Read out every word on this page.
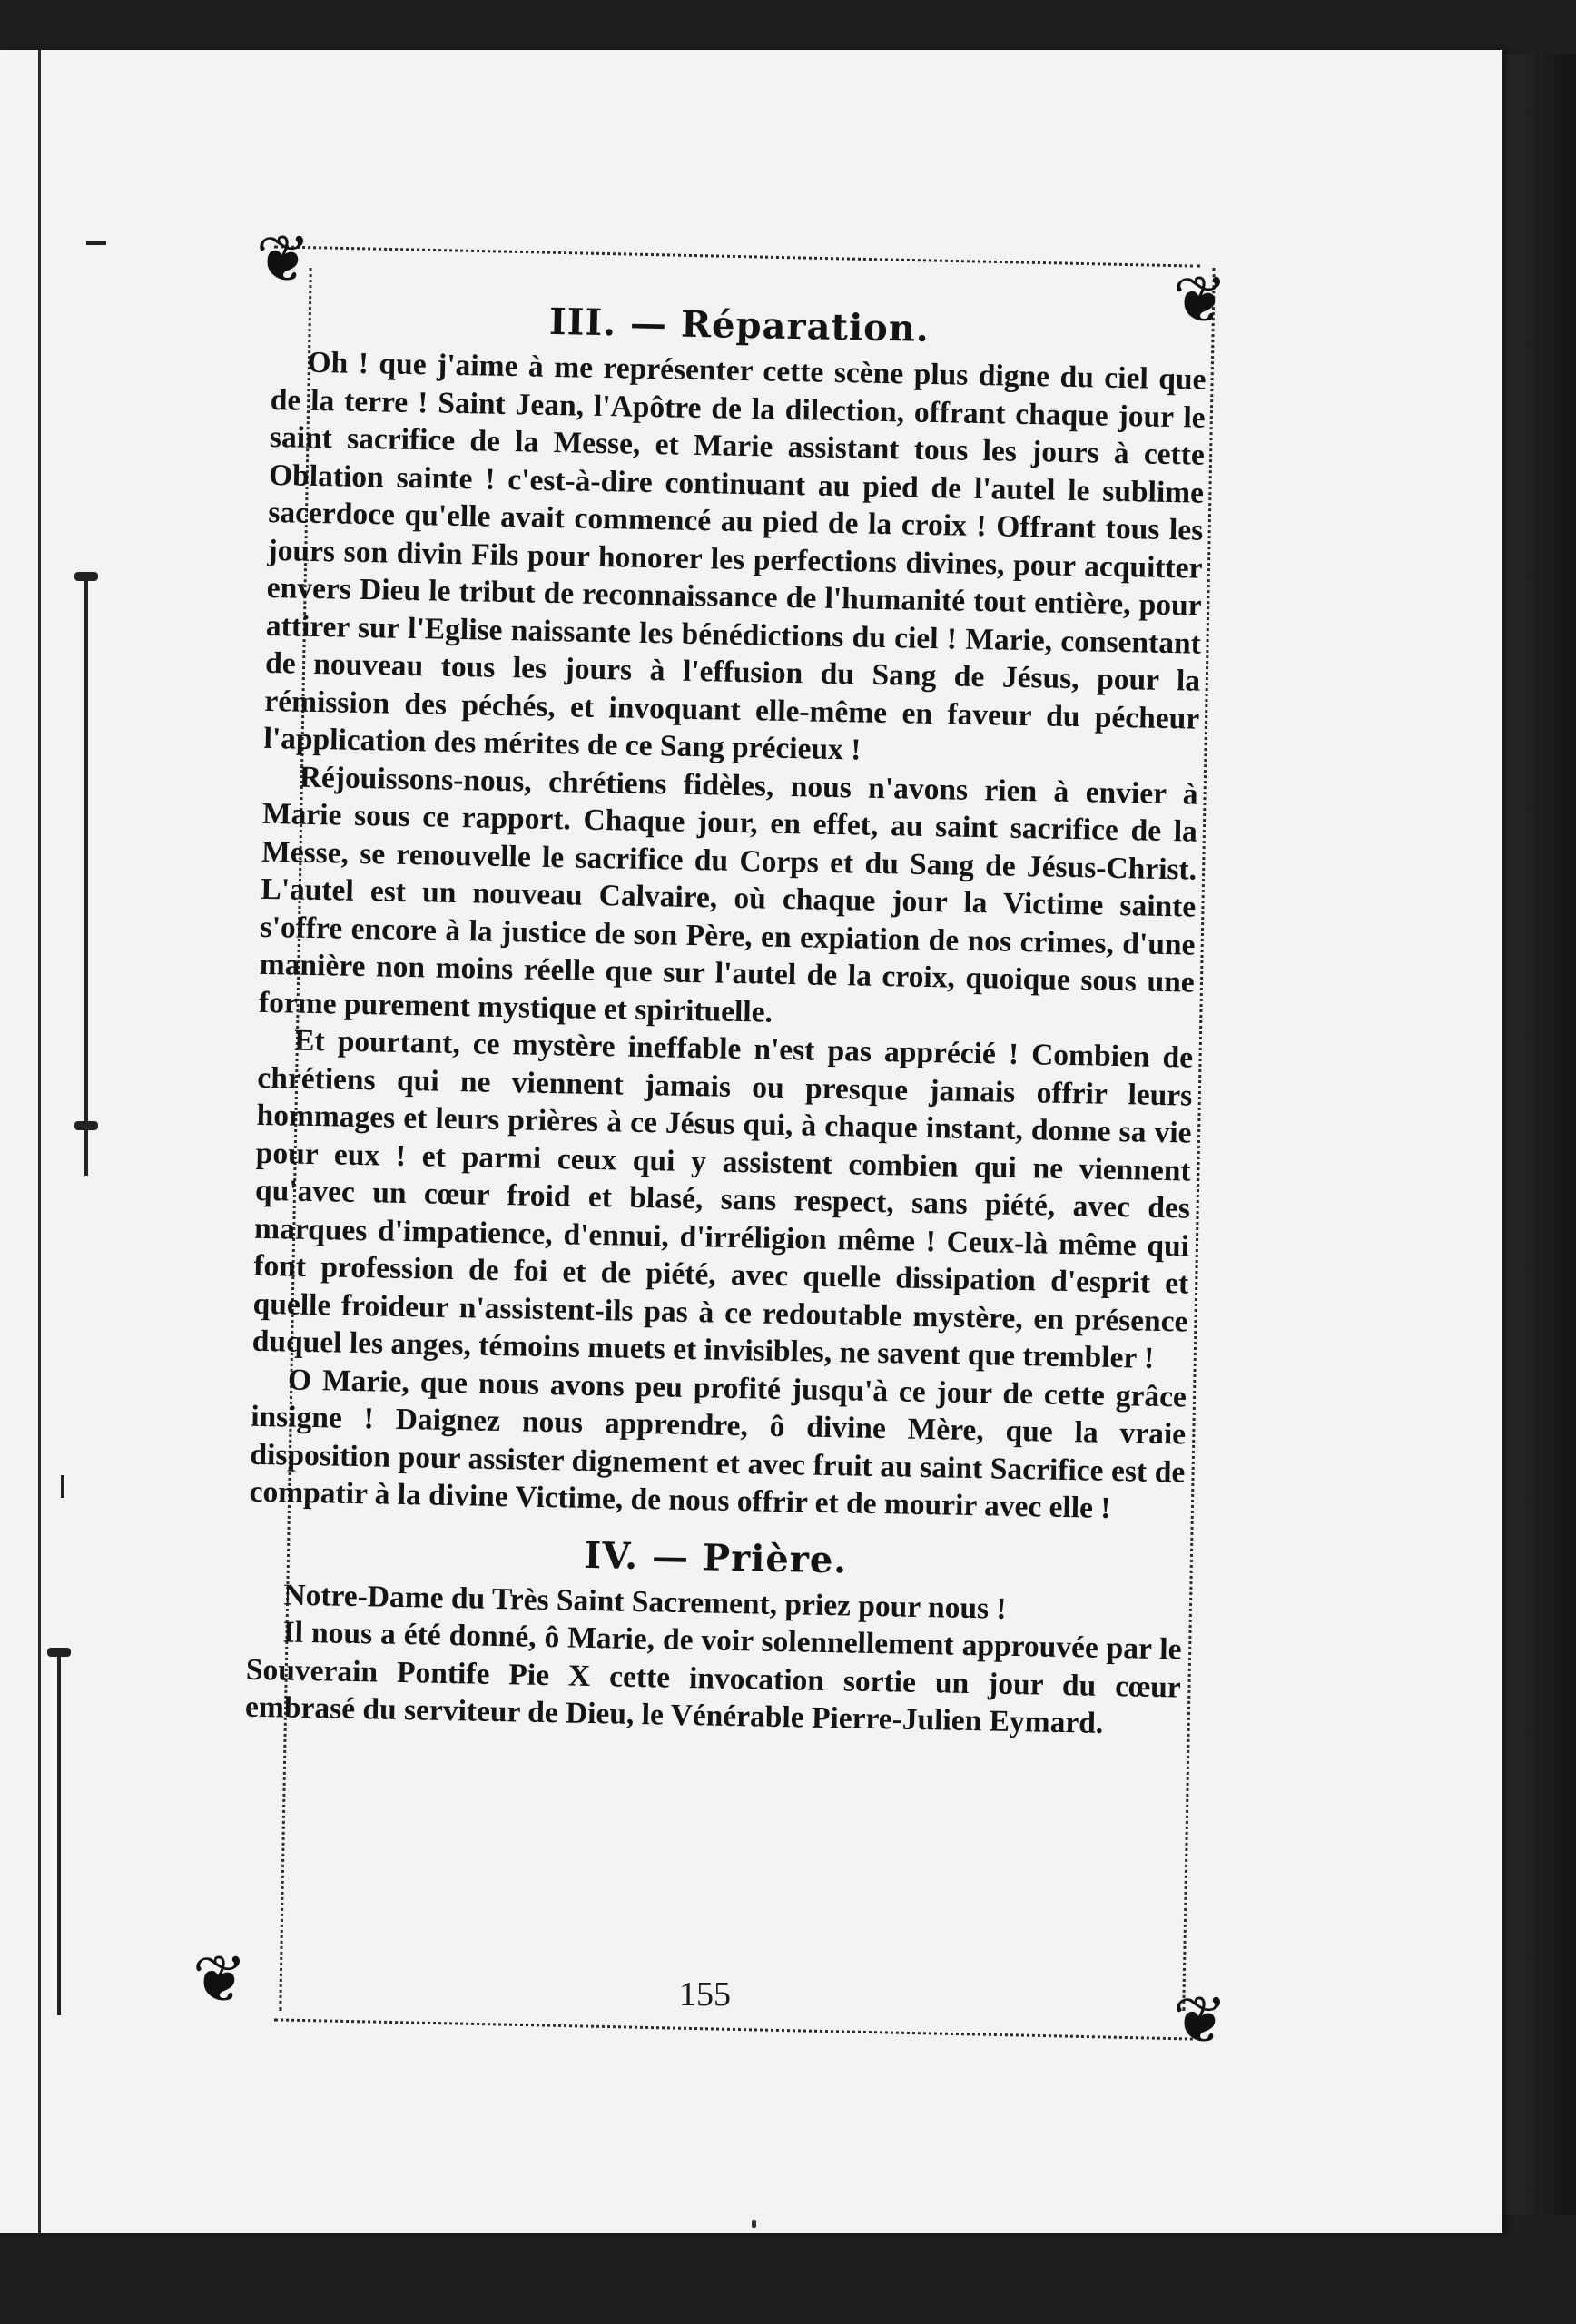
❦
❦
❦
❦
III. — Réparation.

Oh ! que j'aime à me représenter cette scène plus digne du ciel que de la terre ! Saint Jean, l'Apôtre de la dilection, offrant chaque jour le saint sacrifice de la Messe, et Marie assistant tous les jours à cette Oblation sainte ! c'est-à-dire continuant au pied de l'autel le sublime sacerdoce qu'elle avait commencé au pied de la croix ! Offrant tous les jours son divin Fils pour honorer les perfections divines, pour acquitter envers Dieu le tribut de reconnaissance de l'humanité tout entière, pour attirer sur l'Eglise naissante les bénédictions du ciel ! Marie, consentant de nouveau tous les jours à l'effusion du Sang de Jésus, pour la rémission des péchés, et invoquant elle-même en faveur du pécheur l'application des mérites de ce Sang précieux !

Réjouissons-nous, chrétiens fidèles, nous n'avons rien à envier à Marie sous ce rapport. Chaque jour, en effet, au saint sacrifice de la Messe, se renouvelle le sacrifice du Corps et du Sang de Jésus-Christ. L'autel est un nouveau Calvaire, où chaque jour la Victime sainte s'offre encore à la justice de son Père, en expiation de nos crimes, d'une manière non moins réelle que sur l'autel de la croix, quoique sous une forme purement mystique et spirituelle.

Et pourtant, ce mystère ineffable n'est pas apprécié ! Combien de chrétiens qui ne viennent jamais ou presque jamais offrir leurs hommages et leurs prières à ce Jésus qui, à chaque instant, donne sa vie pour eux ! et parmi ceux qui y assistent combien qui ne viennent qu'avec un cœur froid et blasé, sans respect, sans piété, avec des marques d'impatience, d'ennui, d'irréligion même ! Ceux-là même qui font profession de foi et de piété, avec quelle dissipation d'esprit et quelle froideur n'assistent-ils pas à ce redoutable mystère, en présence duquel les anges, témoins muets et invisibles, ne savent que trembler !

O Marie, que nous avons peu profité jusqu'à ce jour de cette grâce insigne ! Daignez nous apprendre, ô divine Mère, que la vraie disposition pour assister dignement et avec fruit au saint Sacrifice est de compatir à la divine Victime, de nous offrir et de mourir avec elle !

IV. — Prière.

Notre-Dame du Très Saint Sacrement, priez pour nous !

Il nous a été donné, ô Marie, de voir solennellement approuvée par le Souverain Pontife Pie X cette invocation sortie un jour du cœur embrasé du serviteur de Dieu, le Vénérable Pierre-Julien Eymard.

155
